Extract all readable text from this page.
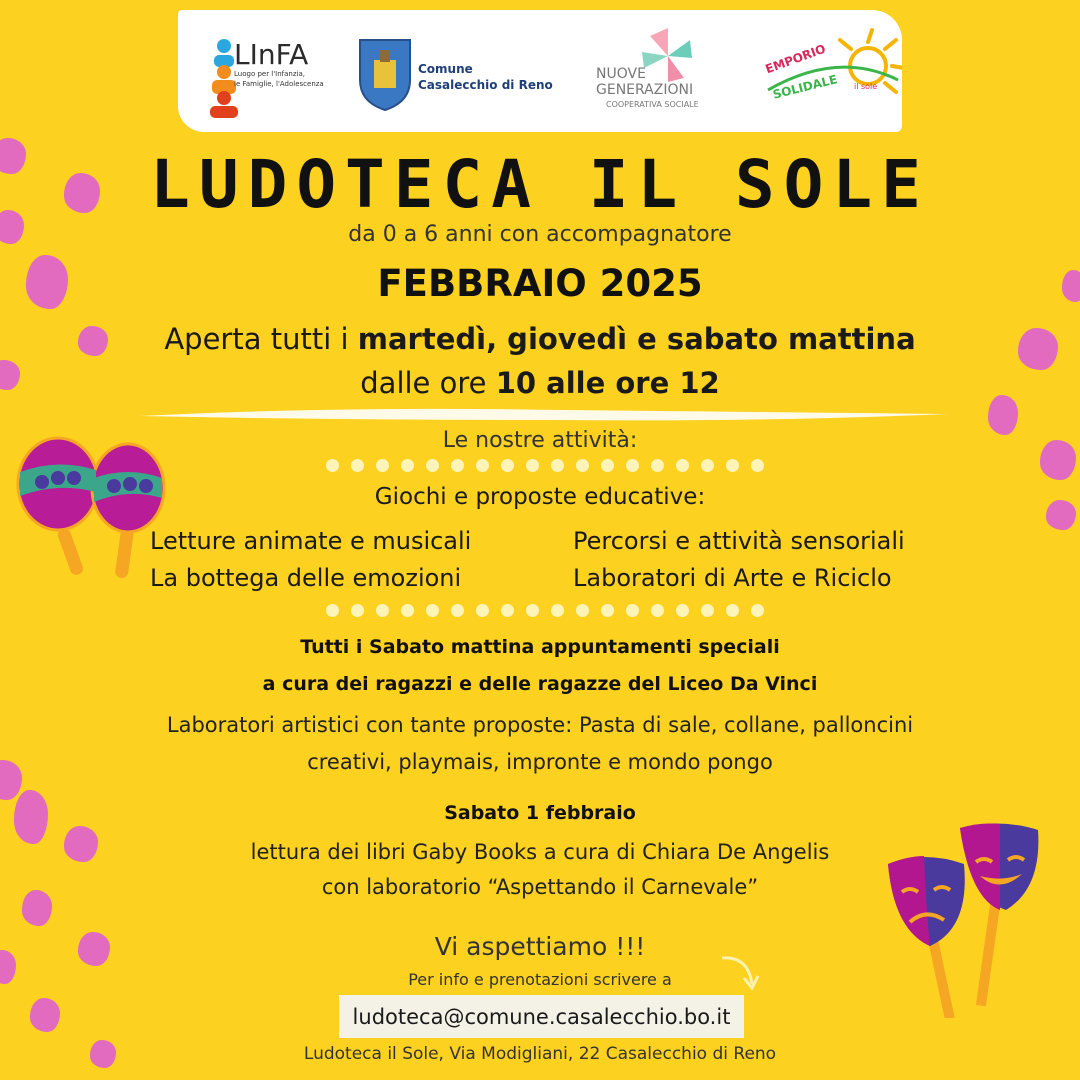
LInFA
Luogo per l'Infanzia,
le Famiglie, l'Adolescenza
Comune
Casalecchio di Reno
NUOVE
GENERAZIONI
COOPERATIVA SOCIALE
EMPORIO
SOLIDALE il sole
LUDOTECA IL SOLE
da 0 a 6 anni con accompagnatore
FEBBRAIO 2025
Aperta tutti i martedì, giovedì e sabato mattina
dalle ore 10 alle ore 12
Le nostre attività:
Giochi e proposte educative:
Letture animate e musicali
La bottega delle emozioni
Percorsi e attività sensoriali
Laboratori di Arte e Riciclo
Tutti i Sabato mattina appuntamenti speciali
a cura dei ragazzi e delle ragazze del Liceo Da Vinci
Laboratori artistici con tante proposte: Pasta di sale, collane, palloncini
creativi, playmais, impronte e mondo pongo
Sabato 1 febbraio
lettura dei libri Gaby Books a cura di Chiara De Angelis
con laboratorio “Aspettando il Carnevale”
Vi aspettiamo !!!
Per info e prenotazioni scrivere a
ludoteca@comune.casalecchio.bo.it
Ludoteca il Sole, Via Modigliani, 22 Casalecchio di Reno
